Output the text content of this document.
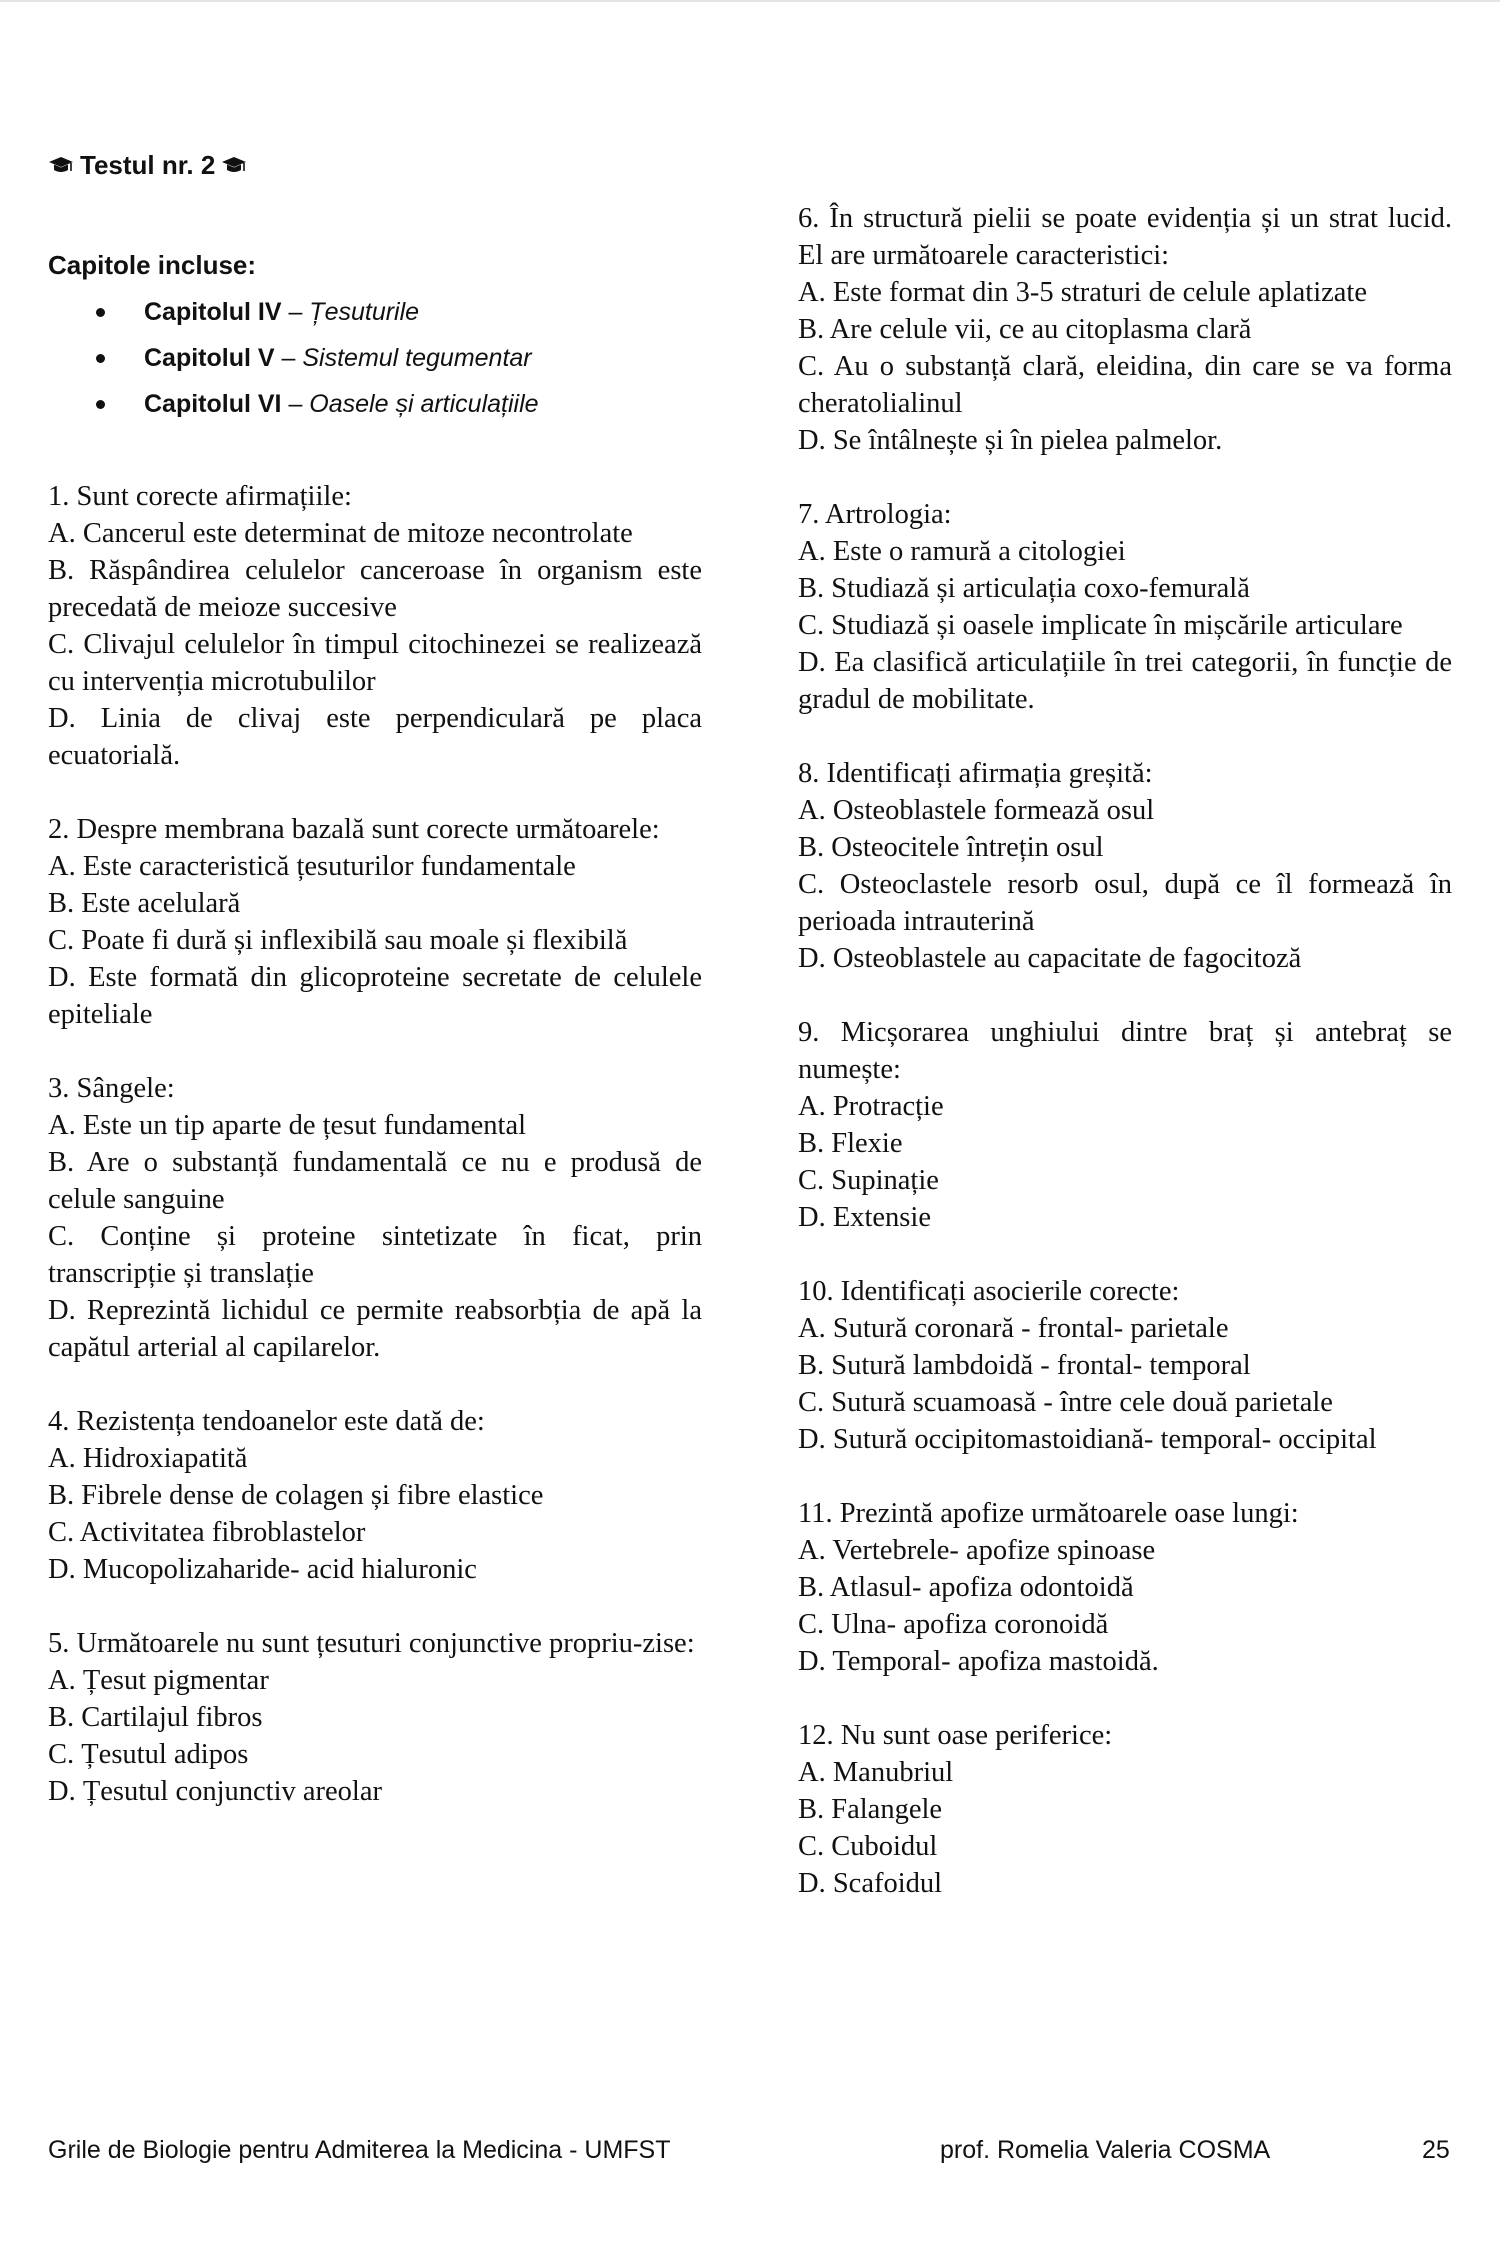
Testul nr. 2
Capitole incluse:
Capitolul IV – Țesuturile
Capitolul V – Sistemul tegumentar
Capitolul VI – Oasele și articulațiile

1. Sunt corecte afirmațiile:

A. Cancerul este determinat de mitoze necontrolate

B. Răspândirea celulelor canceroase în organism este precedată de meioze succesive

C. Clivajul celulelor în timpul citochinezei se realizează cu intervenția microtubulilor

D. Linia de clivaj este perpendiculară pe placa ecuatorială.

2. Despre membrana bazală sunt corecte următoarele:

A. Este caracteristică țesuturilor fundamentale

B. Este acelulară

C. Poate fi dură și inflexibilă sau moale și flexibilă

D. Este formată din glicoproteine secretate de celulele epiteliale

3. Sângele:

A. Este un tip aparte de țesut fundamental

B. Are o substanță fundamentală ce nu e produsă de celule sanguine

C. Conține și proteine sintetizate în ficat, prin transcripție și translație

D. Reprezintă lichidul ce permite reabsorbția de apă la capătul arterial al capilarelor.

4. Rezistența tendoanelor este dată de:

A. Hidroxiapatită

B. Fibrele dense de colagen și fibre elastice

C. Activitatea fibroblastelor

D. Mucopolizaharide- acid hialuronic

5. Următoarele nu sunt țesuturi conjunctive propriu-zise:

A. Țesut pigmentar

B. Cartilajul fibros

C. Țesutul adipos

D. Țesutul conjunctiv areolar

6. În structură pielii se poate evidenția și un strat lucid. El are următoarele caracteristici:

A. Este format din 3-5 straturi de celule aplatizate

B. Are celule vii, ce au citoplasma clară

C. Au o substanță clară, eleidina, din care se va forma cheratolialinul

D. Se întâlnește și în pielea palmelor.

7. Artrologia:

A. Este o ramură a citologiei

B. Studiază și articulația coxo-femurală

C. Studiază și oasele implicate în mișcările articulare

D. Ea clasifică articulațiile în trei categorii, în funcție de gradul de mobilitate.

8. Identificați afirmația greșită:

A. Osteoblastele formează osul

B. Osteocitele întrețin osul

C. Osteoclastele resorb osul, după ce îl formează în perioada intrauterină

D. Osteoblastele au capacitate de fagocitoză

9. Micșorarea unghiului dintre braț și antebraț se numește:

A. Protracție

B. Flexie

C. Supinație

D. Extensie

10. Identificați asocierile corecte:

A. Sutură coronară - frontal- parietale

B. Sutură lambdoidă - frontal- temporal

C. Sutură scuamoasă - între cele două parietale

D. Sutură occipitomastoidiană- temporal- occipital

11. Prezintă apofize următoarele oase lungi:

A. Vertebrele- apofize spinoase

B. Atlasul- apofiza odontoidă

C. Ulna- apofiza coronoidă

D. Temporal- apofiza mastoidă.

12. Nu sunt oase periferice:

A. Manubriul

B. Falangele

C. Cuboidul

D. Scafoidul

Grile de Biologie pentru Admiterea la Medicina - UMFST	prof. Romelia Valeria COSMA	25
